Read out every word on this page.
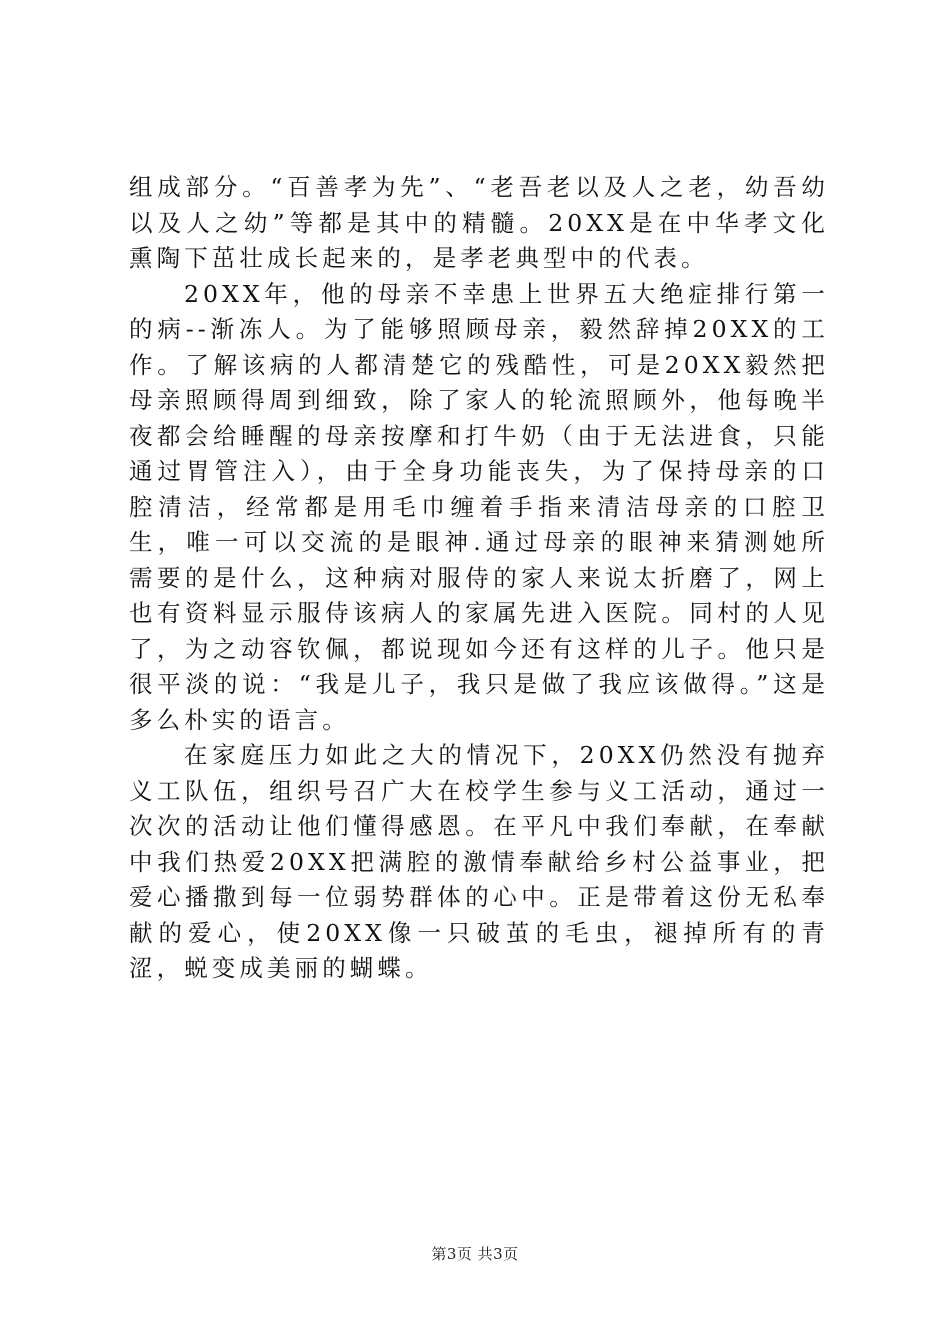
组成部分。“百善孝为先”、“老吾老以及人之老，幼吾幼以及人之幼”等都是其中的精髓。20XX是在中华孝文化熏陶下茁壮成长起来的，是孝老典型中的代表。

20XX年，他的母亲不幸患上世界五大绝症排行第一的病--渐冻人。为了能够照顾母亲，毅然辞掉20XX的工作。了解该病的人都清楚它的残酷性，可是20XX毅然把母亲照顾得周到细致，除了家人的轮流照顾外，他每晚半夜都会给睡醒的母亲按摩和打牛奶（由于无法进食，只能通过胃管注入），由于全身功能丧失，为了保持母亲的口腔清洁，经常都是用毛巾缠着手指来清洁母亲的口腔卫生，唯一可以交流的是眼神.通过母亲的眼神来猜测她所需要的是什么，这种病对服侍的家人来说太折磨了，网上也有资料显示服侍该病人的家属先进入医院。同村的人见了，为之动容钦佩，都说现如今还有这样的儿子。他只是很平淡的说：“我是儿子，我只是做了我应该做得。”这是多么朴实的语言。

在家庭压力如此之大的情况下，20XX仍然没有抛弃义工队伍，组织号召广大在校学生参与义工活动，通过一次次的活动让他们懂得感恩。在平凡中我们奉献，在奉献中我们热爱20XX把满腔的激情奉献给乡村公益事业，把爱心播撒到每一位弱势群体的心中。正是带着这份无私奉献的爱心，使20XX像一只破茧的毛虫，褪掉所有的青涩，蜕变成美丽的蝴蝶。

第3页 共3页
